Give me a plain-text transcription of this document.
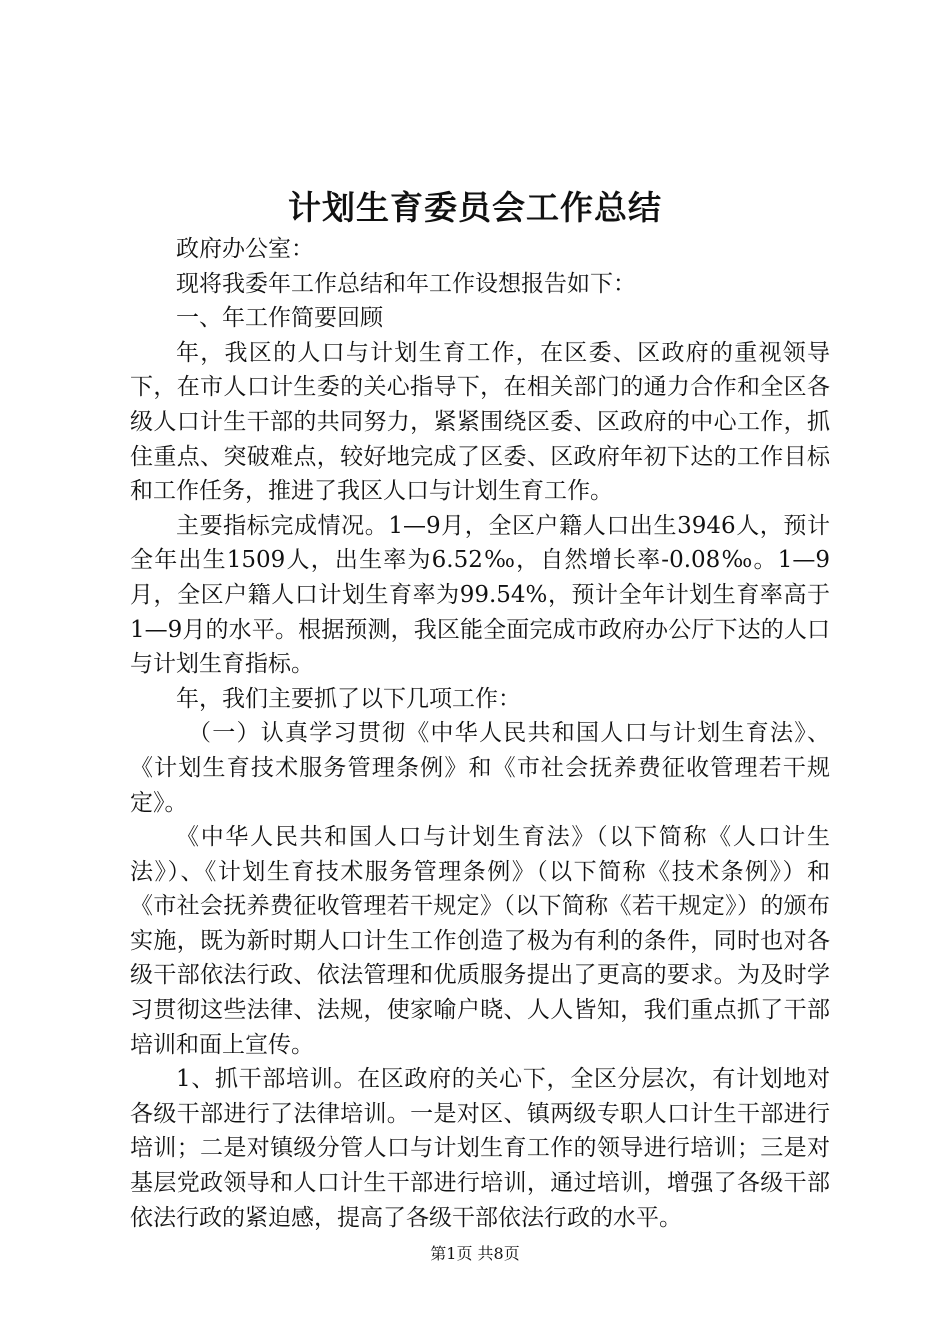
计划生育委员会工作总结

政府办公室：

现将我委年工作总结和年工作设想报告如下：

一、年工作简要回顾

年，我区的人口与计划生育工作，在区委、区政府的重视领导下，在市人口计生委的关心指导下，在相关部门的通力合作和全区各级人口计生干部的共同努力，紧紧围绕区委、区政府的中心工作，抓住重点、突破难点，较好地完成了区委、区政府年初下达的工作目标和工作任务，推进了我区人口与计划生育工作。

主要指标完成情况。1—9月，全区户籍人口出生3946人，预计全年出生1509人，出生率为6.52‰，自然增长率-0.08‰。1—9月，全区户籍人口计划生育率为99.54%，预计全年计划生育率高于1—9月的水平。根据预测，我区能全面完成市政府办公厅下达的人口与计划生育指标。

年，我们主要抓了以下几项工作：

（一）认真学习贯彻《中华人民共和国人口与计划生育法》、《计划生育技术服务管理条例》和《市社会抚养费征收管理若干规定》。

《中华人民共和国人口与计划生育法》（以下简称《人口计生法》）、《计划生育技术服务管理条例》（以下简称《技术条例》）和《市社会抚养费征收管理若干规定》（以下简称《若干规定》）的颁布实施，既为新时期人口计生工作创造了极为有利的条件，同时也对各级干部依法行政、依法管理和优质服务提出了更高的要求。为及时学习贯彻这些法律、法规，使家喻户晓、人人皆知，我们重点抓了干部培训和面上宣传。

1、抓干部培训。在区政府的关心下，全区分层次，有计划地对各级干部进行了法律培训。一是对区、镇两级专职人口计生干部进行培训；二是对镇级分管人口与计划生育工作的领导进行培训；三是对基层党政领导和人口计生干部进行培训，通过培训，增强了各级干部依法行政的紧迫感，提高了各级干部依法行政的水平。

第1页 共8页
